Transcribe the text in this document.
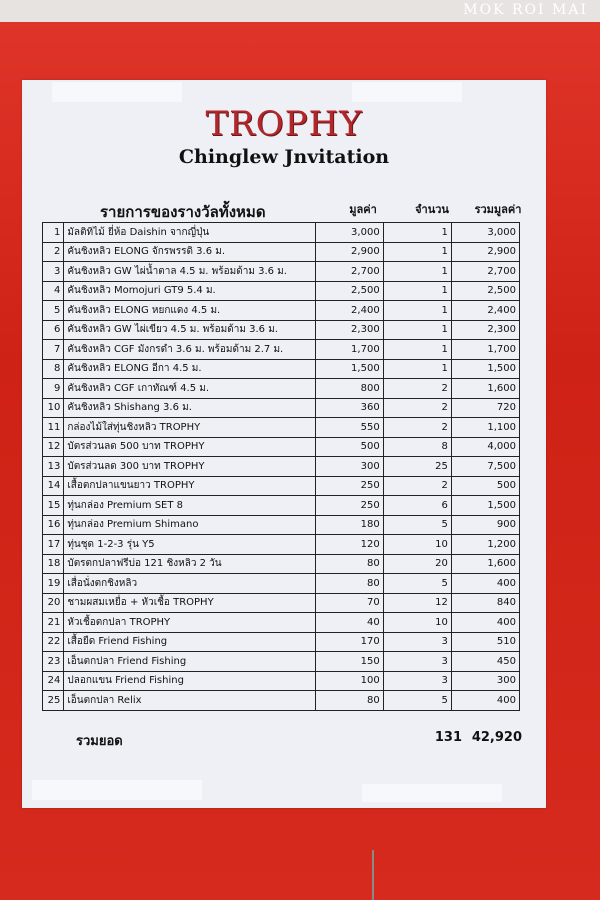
MOK ROI MAI
TROPHY
Chinglew Jnvitation
รายการของรางวัลทั้งหมด	มูลค่า	จำนวน	รวมมูลค่า
1	มัลติทิไม้ ยี่ห้อ Daishin จากญี่ปุ่น	3,000	1	3,000
2	คันชิงหลิว ELONG จักรพรรดิ 3.6 ม.	2,900	1	2,900
3	คันชิงหลิว GW ไผ่น้ำตาล 4.5 ม. พร้อมด้าม 3.6 ม.	2,700	1	2,700
4	คันชิงหลิว Momojuri GT9 5.4 ม.	2,500	1	2,500
5	คันชิงหลิว ELONG หยกแดง 4.5 ม.	2,400	1	2,400
6	คันชิงหลิว GW ไผ่เขียว 4.5 ม. พร้อมด้าม 3.6 ม.	2,300	1	2,300
7	คันชิงหลิว CGF มังกรดำ 3.6 ม. พร้อมด้าม 2.7 ม.	1,700	1	1,700
8	คันชิงหลิว ELONG อีกา 4.5 ม.	1,500	1	1,500
9	คันชิงหลิว CGF เกาทัณฑ์ 4.5 ม.	800	2	1,600
10	คันชิงหลิว Shishang 3.6 ม.	360	2	720
11	กล่องไม้ใส่ทุ่นชิงหลิว TROPHY	550	2	1,100
12	บัตรส่วนลด 500 บาท TROPHY	500	8	4,000
13	บัตรส่วนลด 300 บาท TROPHY	300	25	7,500
14	เสื้อตกปลาแขนยาว TROPHY	250	2	500
15	ทุ่นกล่อง Premium SET 8	250	6	1,500
16	ทุ่นกล่อง Premium Shimano	180	5	900
17	ทุ่นชุด 1-2-3 รุ่น Y5	120	10	1,200
18	บัตรตกปลาฟรีบ่อ 121 ชิงหลิว 2 วัน	80	20	1,600
19	เสื่อนั่งตกชิงหลิว	80	5	400
20	ชามผสมเหยื่อ + หัวเชื้อ TROPHY	70	12	840
21	หัวเชื้อตกปลา TROPHY	40	10	400
22	เสื้อยืด Friend Fishing	170	3	510
23	เอ็นตกปลา Friend Fishing	150	3	450
24	ปลอกแขน Friend Fishing	100	3	300
25	เอ็นตกปลา Relix	80	5	400
รวมยอด	131 42,920
